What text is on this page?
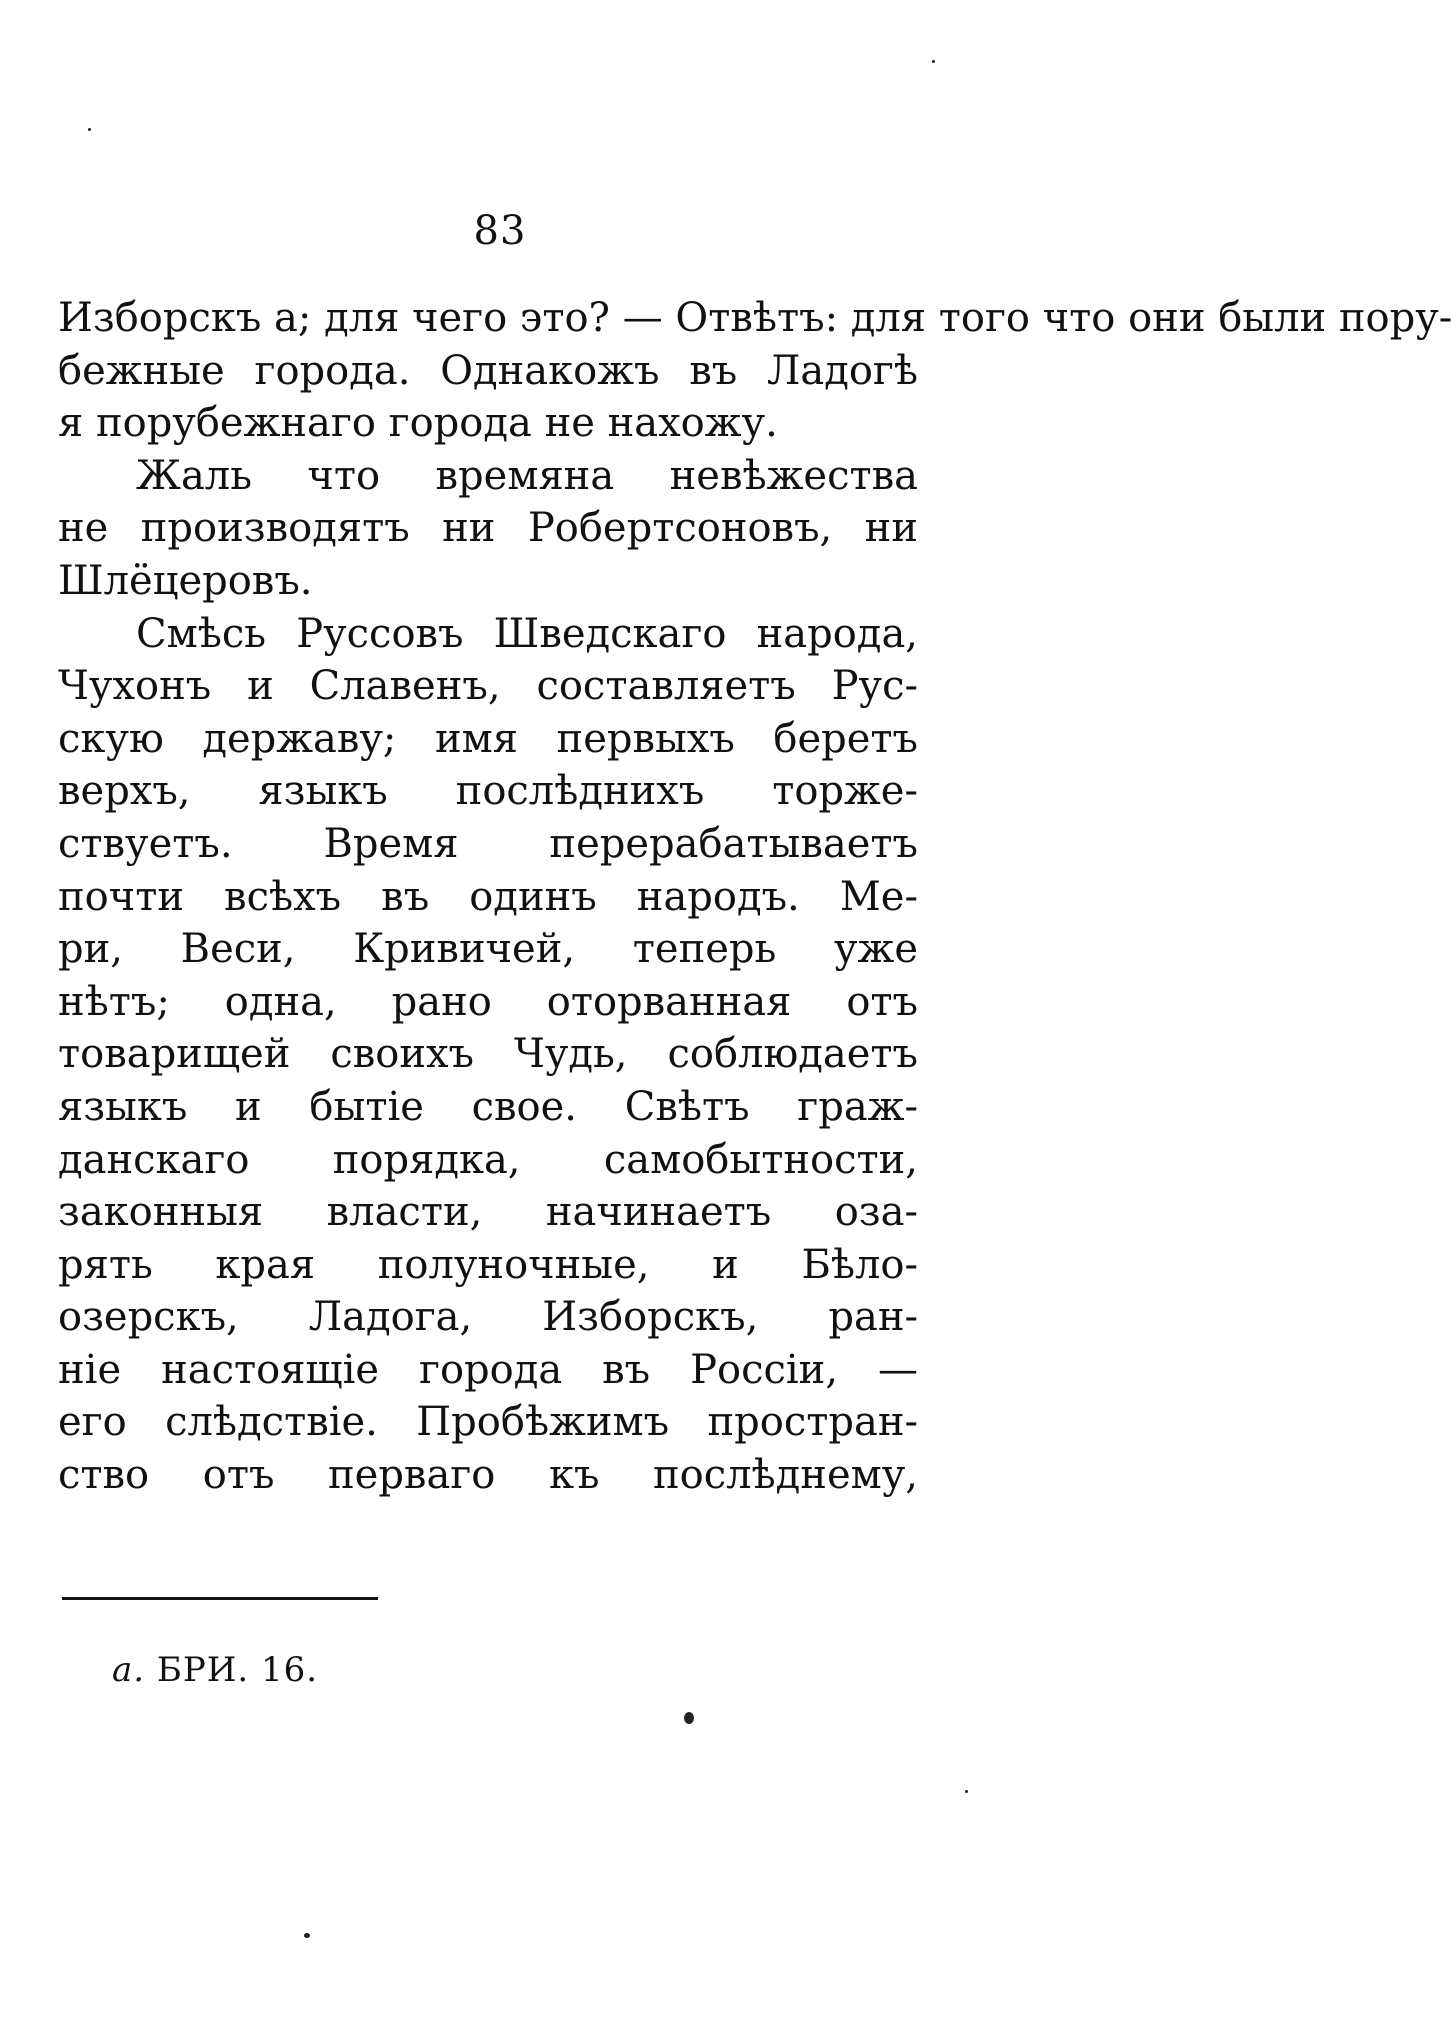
83
Изборскъ а; для чего это? — Отвѣтъ: для того что они были пору-
бежные города. Однакожъ въ Ладогѣ
я порубежнаго города не нахожу.
Жаль что времяна невѣжества
не производятъ ни Робертсоновъ, ни
Шлёцеровъ.
Смѣсь Руссовъ Шведскаго народа,
Чухонъ и Славенъ, составляетъ Рус-
скую державу; имя первыхъ беретъ
верхъ, языкъ послѣднихъ торже-
ствуетъ. Время перерабатываетъ
почти всѣхъ въ одинъ народъ. Ме-
ри, Веси, Кривичей, теперь уже
нѣтъ; одна, рано оторванная отъ
товарищей своихъ Чудь, соблюдаетъ
языкъ и бытіе свое. Свѣтъ граж-
данскаго порядка, самобытности,
законныя власти, начинаетъ оза-
рять края полуночные, и Бѣло-
озерскъ, Ладога, Изборскъ, ран-
ніе настоящіе города въ Россіи, —
его слѣдствіе. Пробѣжимъ простран-
ство отъ перваго къ послѣднему,
а. БРИ. 16.
